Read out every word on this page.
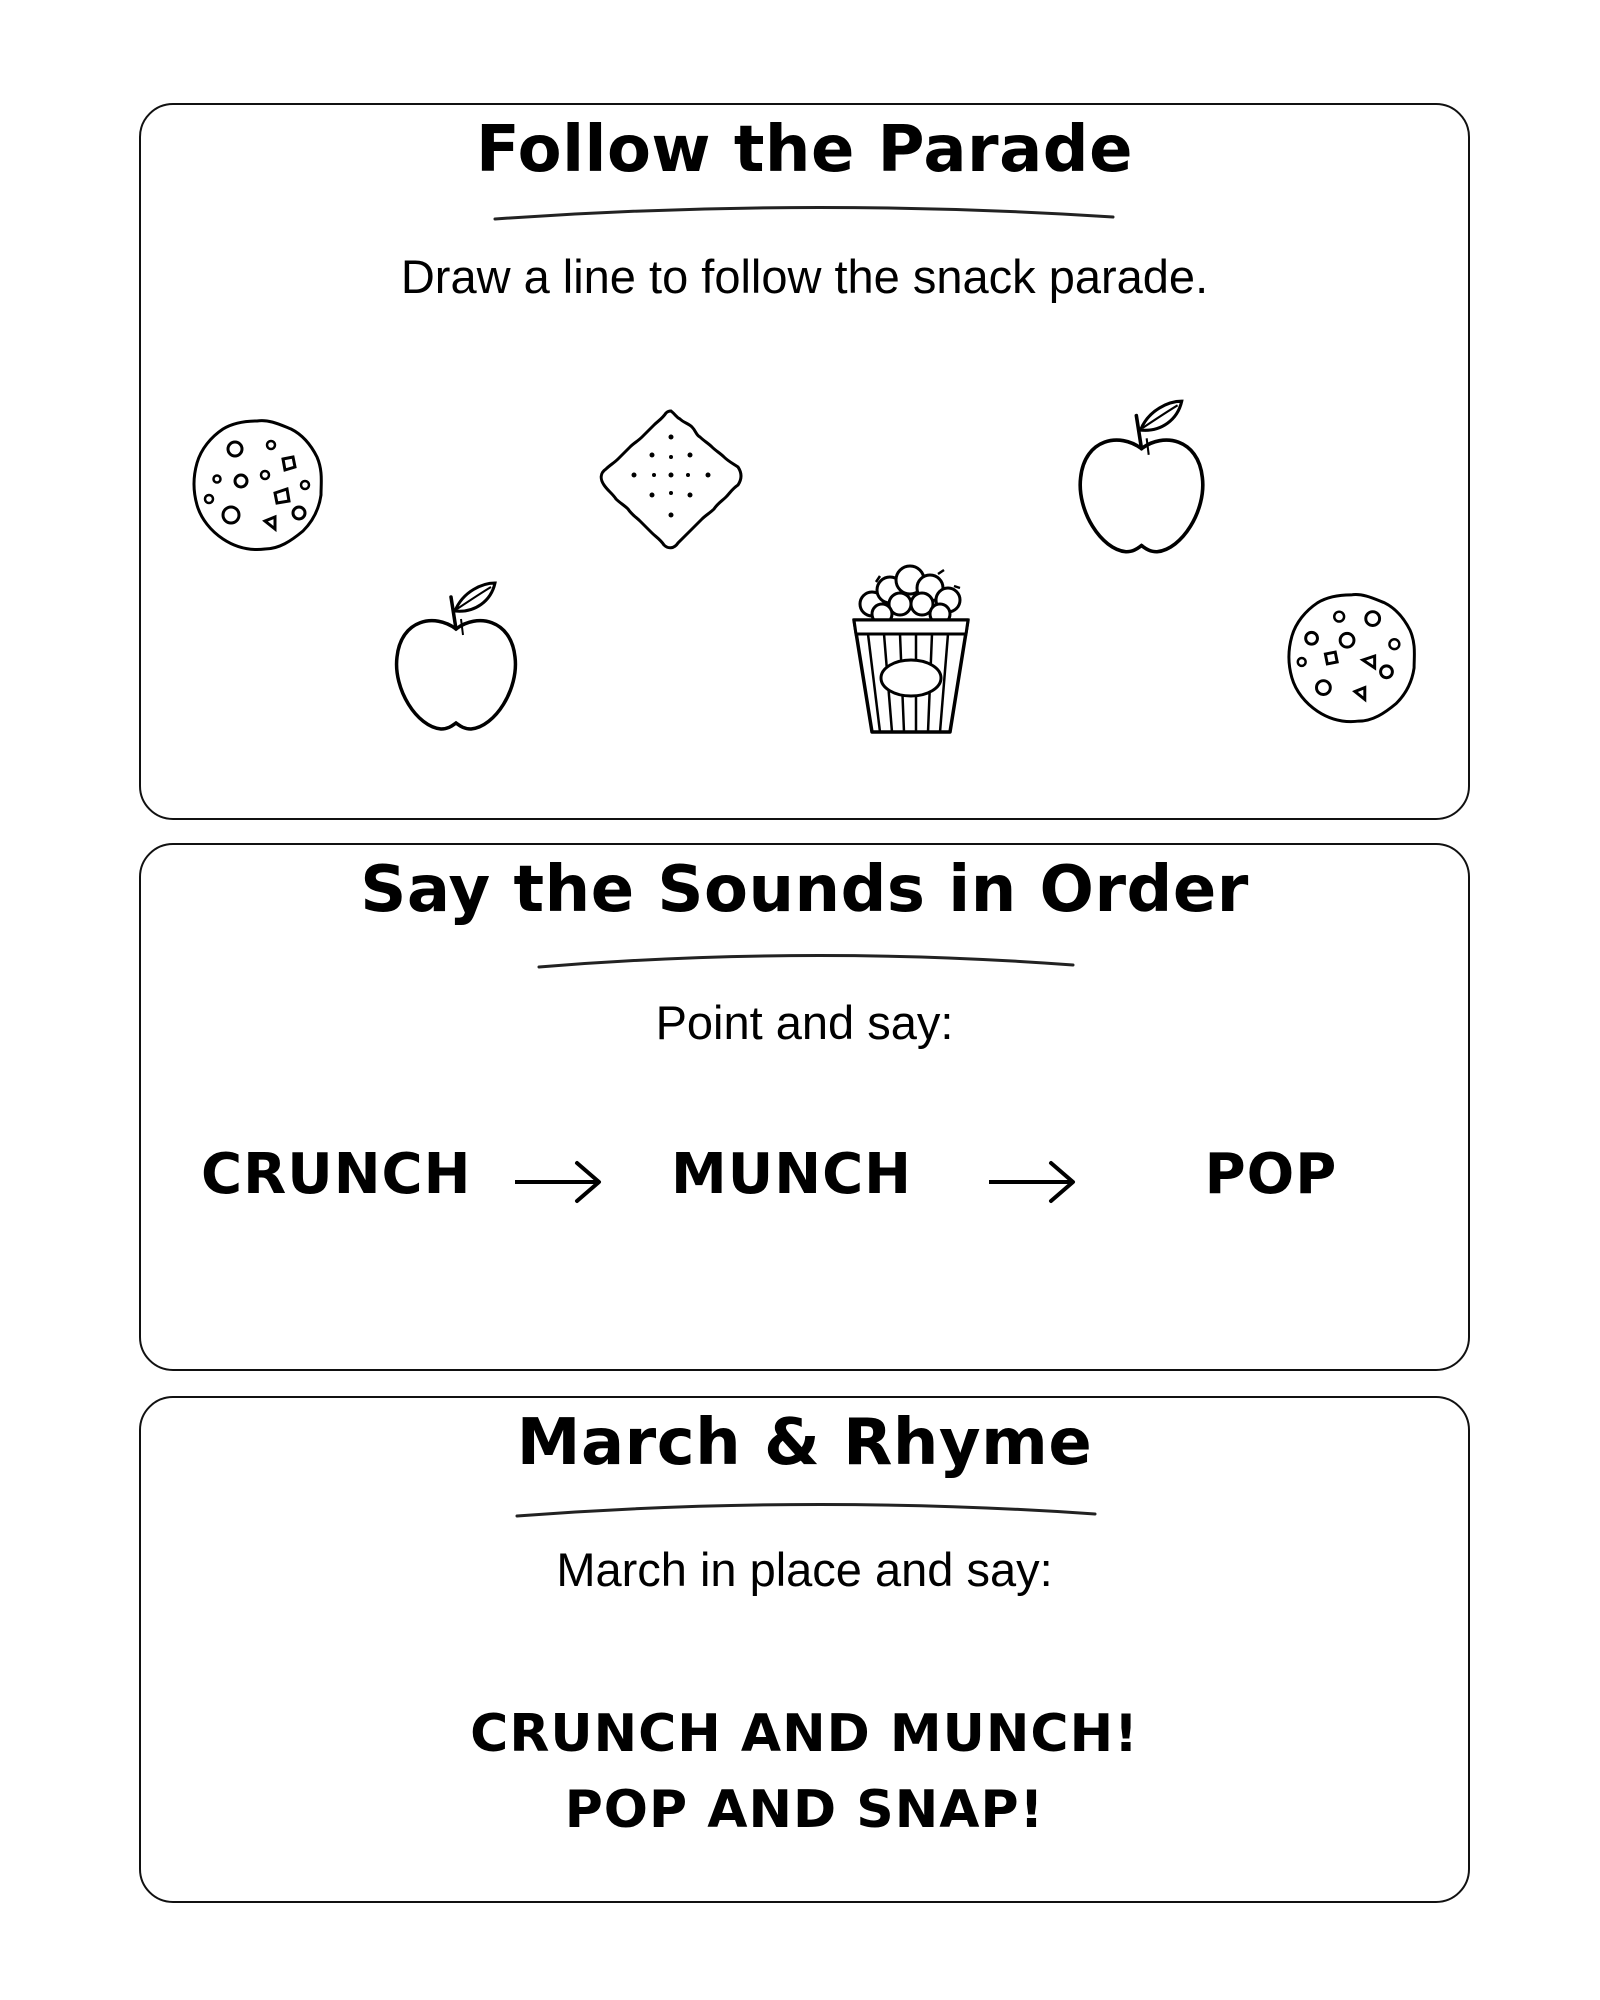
Follow the Parade
Draw a line to follow the snack parade.
Say the Sounds in Order
Point and say:
CRUNCH	MUNCH	POP
March & Rhyme
March in place and say:
CRUNCH AND MUNCH!
POP AND SNAP!
